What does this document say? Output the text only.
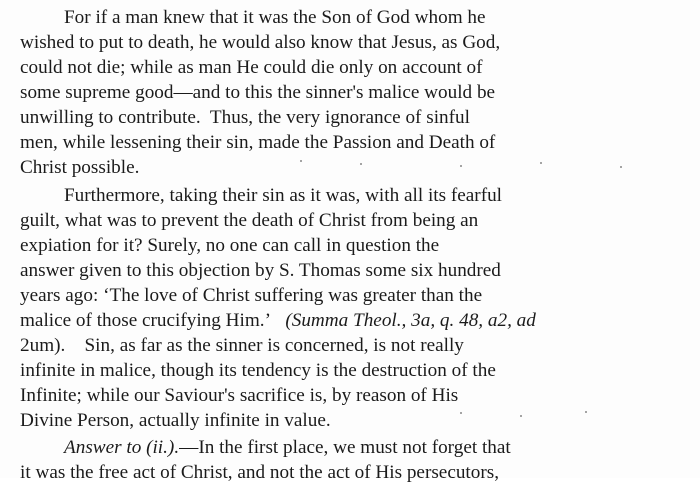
For if a man knew that it was the Son of God whom he
wished to put to death, he would also know that Jesus, as God,
could not die; while as man He could die only on account of
some supreme good—and to this the sinner's malice would be
unwilling to contribute.  Thus, the very ignorance of sinful
men, while lessening their sin, made the Passion and Death of
Christ possible.
Furthermore, taking their sin as it was, with all its fearful
guilt, what was to prevent the death of Christ from being an
expiation for it? Surely, no one can call in question the
answer given to this objection by S. Thomas some six hundred
years ago: ‘The love of Christ suffering was greater than the
malice of those crucifying Him.’ (Summa Theol., 3a, q. 48, a2, ad
2um). Sin, as far as the sinner is concerned, is not really
infinite in malice, though its tendency is the destruction of the
Infinite; while our Saviour's sacrifice is, by reason of His
Divine Person, actually infinite in value.
Answer to (ii.).—In the first place, we must not forget that
it was the free act of Christ, and not the act of His persecutors,
